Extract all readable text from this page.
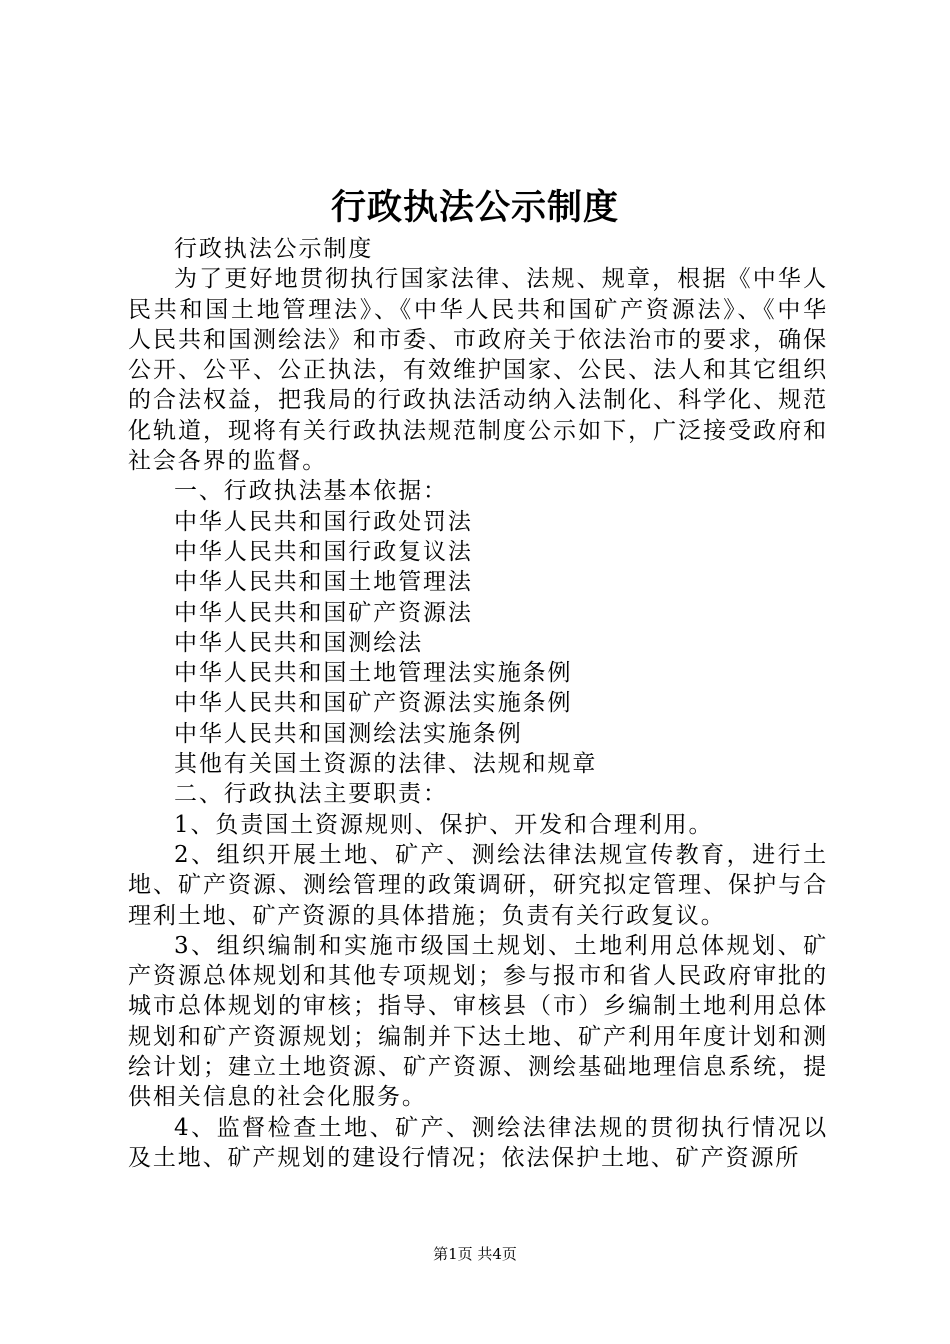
行政执法公示制度

行政执法公示制度

为了更好地贯彻执行国家法律、法规、规章，根据《中华人民共和国土地管理法》、《中华人民共和国矿产资源法》、《中华人民共和国测绘法》和市委、市政府关于依法治市的要求，确保公开、公平、公正执法，有效维护国家、公民、法人和其它组织的合法权益，把我局的行政执法活动纳入法制化、科学化、规范化轨道，现将有关行政执法规范制度公示如下，广泛接受政府和社会各界的监督。

一、行政执法基本依据：

中华人民共和国行政处罚法

中华人民共和国行政复议法

中华人民共和国土地管理法

中华人民共和国矿产资源法

中华人民共和国测绘法

中华人民共和国土地管理法实施条例

中华人民共和国矿产资源法实施条例

中华人民共和国测绘法实施条例

其他有关国土资源的法律、法规和规章

二、行政执法主要职责：

1、负责国土资源规则、保护、开发和合理利用。

2、组织开展土地、矿产、测绘法律法规宣传教育，进行土地、矿产资源、测绘管理的政策调研，研究拟定管理、保护与合理利土地、矿产资源的具体措施；负责有关行政复议。

3、组织编制和实施市级国土规划、土地利用总体规划、矿产资源总体规划和其他专项规划；参与报市和省人民政府审批的城市总体规划的审核；指导、审核县（市）乡编制土地利用总体规划和矿产资源规划；编制并下达土地、矿产利用年度计划和测绘计划；建立土地资源、矿产资源、测绘基础地理信息系统，提供相关信息的社会化服务。

4、监督检查土地、矿产、测绘法律法规的贯彻执行情况以及土地、矿产规划的建设行情况；依法保护土地、矿产资源所

第1页 共4页
